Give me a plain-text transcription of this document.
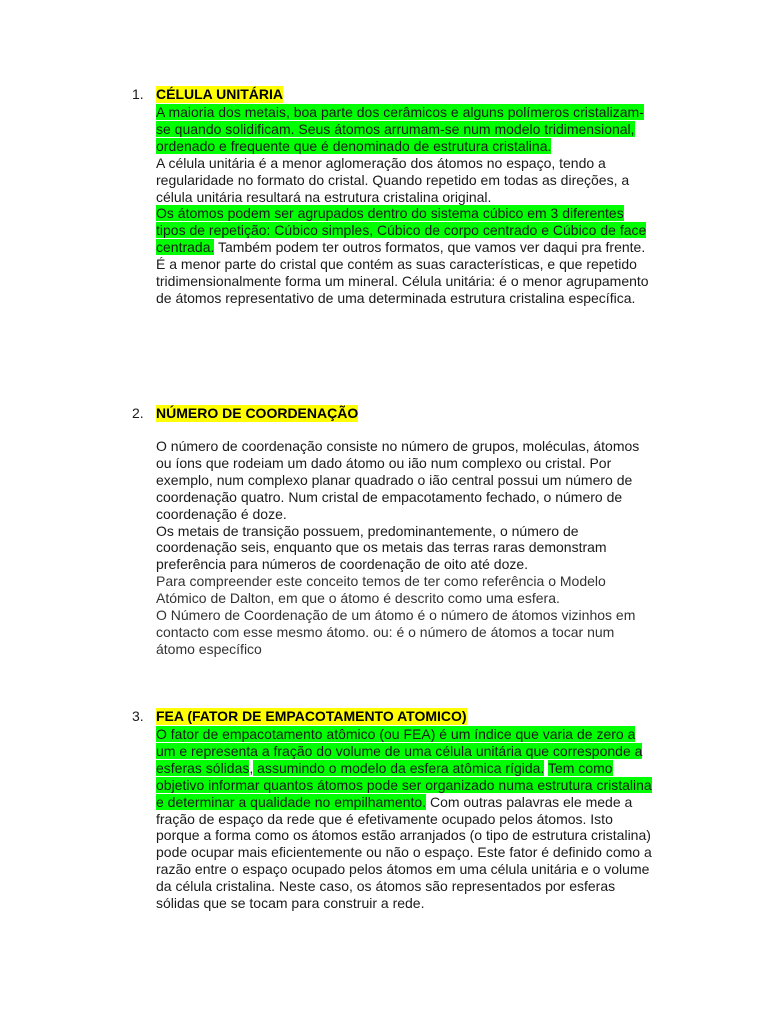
1. CÉLULA UNITÁRIA

A maioria dos metais, boa parte dos cerâmicos e alguns polímeros cristalizam-se quando solidificam. Seus átomos arrumam-se num modelo tridimensional, ordenado e frequente que é denominado de estrutura cristalina.

A célula unitária é a menor aglomeração dos átomos no espaço, tendo a regularidade no formato do cristal. Quando repetido em todas as direções, a célula unitária resultará na estrutura cristalina original.

Os átomos podem ser agrupados dentro do sistema cúbico em 3 diferentes tipos de repetição: Cúbico simples, Cúbico de corpo centrado e Cúbico de face centrada. Também podem ter outros formatos, que vamos ver daqui pra frente.

É a menor parte do cristal que contém as suas características, e que repetido tridimensionalmente forma um mineral. Célula unitária: é o menor agrupamento de átomos representativo de uma determinada estrutura cristalina específica.

2. NÚMERO DE COORDENAÇÃO

O número de coordenação consiste no número de grupos, moléculas, átomos ou íons que rodeiam um dado átomo ou ião num complexo ou cristal. Por exemplo, num complexo planar quadrado o ião central possui um número de coordenação quatro. Num cristal de empacotamento fechado, o número de coordenação é doze.

Os metais de transição possuem, predominantemente, o número de coordenação seis, enquanto que os metais das terras raras demonstram preferência para números de coordenação de oito até doze.

Para compreender este conceito temos de ter como referência o Modelo Atómico de Dalton, em que o átomo é descrito como uma esfera.

O Número de Coordenação de um átomo é o número de átomos vizinhos em contacto com esse mesmo átomo. ou: é o número de átomos a tocar num átomo específico

3. FEA (FATOR DE EMPACOTAMENTO ATOMICO)

O fator de empacotamento atômico (ou FEA) é um índice que varia de zero a um e representa a fração do volume de uma célula unitária que corresponde a esferas sólidas, assumindo o modelo da esfera atômica rígida. Tem como objetivo informar quantos átomos pode ser organizado numa estrutura cristalina e determinar a qualidade no empilhamento. Com outras palavras ele mede a fração de espaço da rede que é efetivamente ocupado pelos átomos. Isto porque a forma como os átomos estão arranjados (o tipo de estrutura cristalina) pode ocupar mais eficientemente ou não o espaço. Este fator é definido como a razão entre o espaço ocupado pelos átomos em uma célula unitária e o volume da célula cristalina. Neste caso, os átomos são representados por esferas sólidas que se tocam para construir a rede.
